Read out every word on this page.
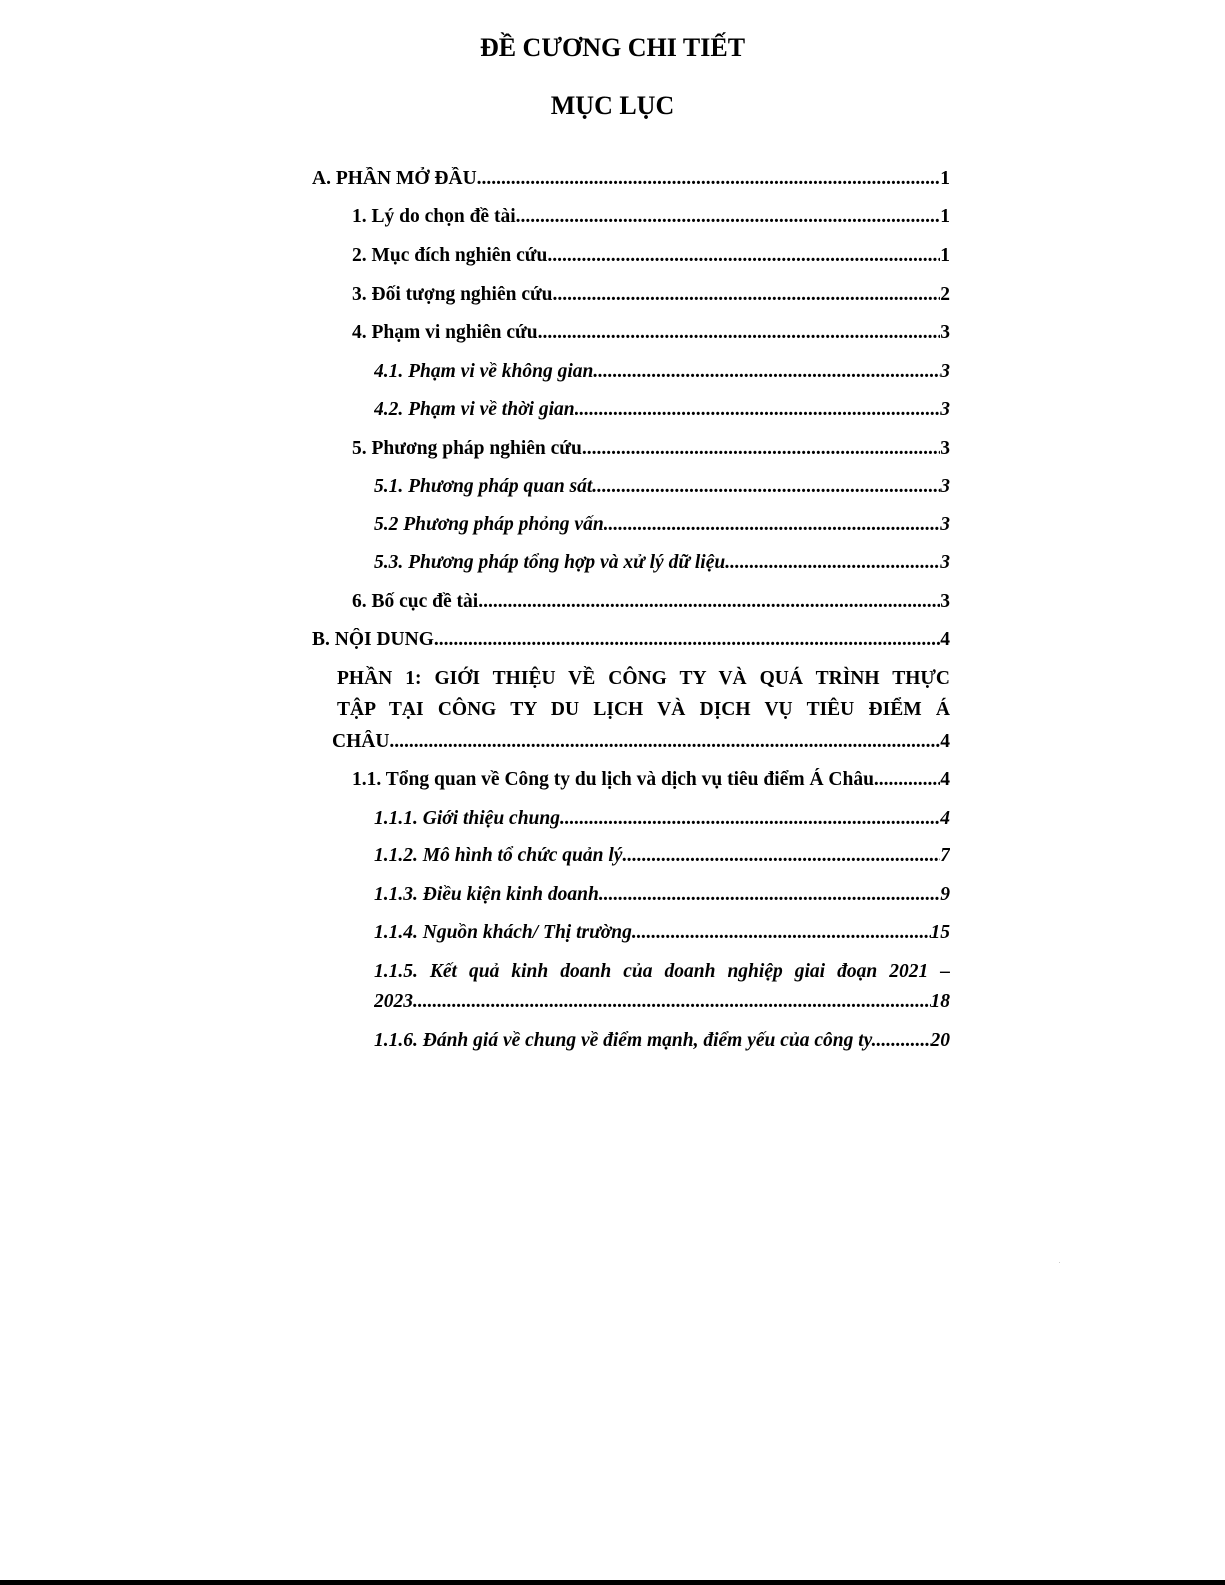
ĐỀ CƯƠNG CHI TIẾT
MỤC LỤC
A. PHẦN MỞ ĐẦU .....	1
1. Lý do chọn đề tài .....	1
2. Mục đích nghiên cứu .....	1
3. Đối tượng nghiên cứu .....	2
4. Phạm vi nghiên cứu .....	3
4.1. Phạm vi về không gian .....	3
4.2. Phạm vi về thời gian .....	3
5. Phương pháp nghiên cứu .....	3
5.1. Phương pháp quan sát .....	3
5.2 Phương pháp phỏng vấn .....	3
5.3. Phương pháp tổng hợp và xử lý dữ liệu .....	3
6. Bố cục đề tài .....	3
B. NỘI DUNG .....	4
PHẦN 1: GIỚI THIỆU VỀ CÔNG TY VÀ QUÁ TRÌNH THỰC
TẬP TẠI CÔNG TY DU LỊCH VÀ DỊCH VỤ TIÊU ĐIỂM Á
CHÂU .....	4
1.1. Tổng quan về Công ty du lịch và dịch vụ tiêu điểm Á Châu .....	4
1.1.1. Giới thiệu chung .....	4
1.1.2. Mô hình tổ chức quản lý .....	7
1.1.3. Điều kiện kinh doanh .....	9
1.1.4. Nguồn khách/ Thị trường .....	15
1.1.5. Kết quả kinh doanh của doanh nghiệp giai đoạn 2021 –
2023 .....	18
1.1.6. Đánh giá về chung về điểm mạnh, điểm yếu của công ty. .....	20
